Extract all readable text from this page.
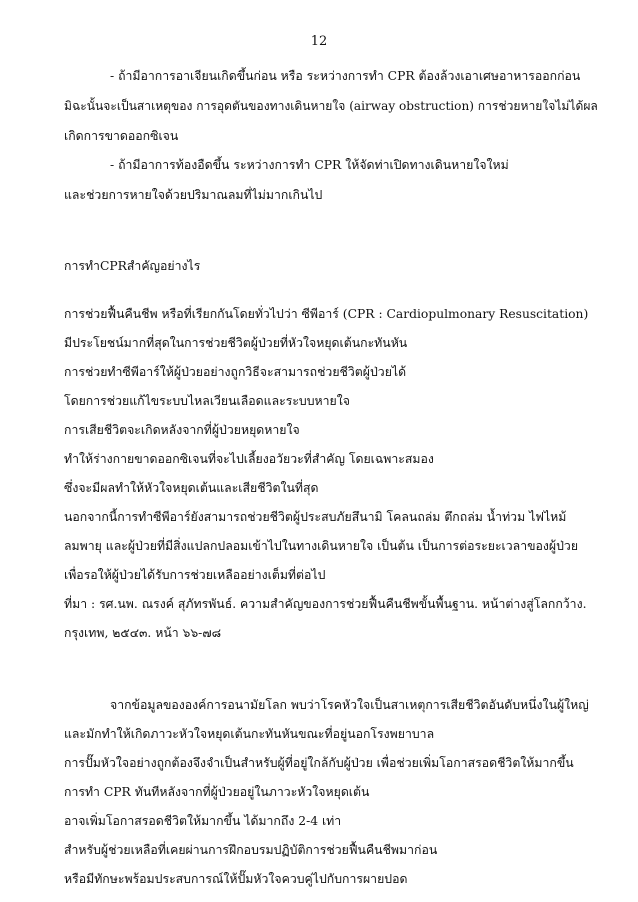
12
- ถ้ามีอาการอาเจียนเกิดขึ้นก่อน หรือ ระหว่างการทำ CPR ต้องล้วงเอาเศษอาหารออกก่อน
มิฉะนั้นจะเป็นสาเหตุของ การอุดตันของทางเดินหายใจ (airway obstruction) การช่วยหายใจไม่ได้ผล
เกิดการขาดออกซิเจน
- ถ้ามีอาการท้องอืดขึ้น ระหว่างการทำ CPR ให้จัดท่าเปิดทางเดินหายใจใหม่
และช่วยการหายใจด้วยปริมาณลมที่ไม่มากเกินไป
การทำCPRสำคัญอย่างไร
การช่วยฟื้นคืนชีพ หรือที่เรียกกันโดยทั่วไปว่า ซีพีอาร์ (CPR : Cardiopulmonary Resuscitation)
มีประโยชน์มากที่สุดในการช่วยชีวิตผู้ป่วยที่หัวใจหยุดเต้นกะทันหัน
การช่วยทำซีพีอาร์ให้ผู้ป่วยอย่างถูกวิธีจะสามารถช่วยชีวิตผู้ป่วยได้
โดยการช่วยแก้ไขระบบไหลเวียนเลือดและระบบหายใจ
การเสียชีวิตจะเกิดหลังจากที่ผู้ป่วยหยุดหายใจ
ทำให้ร่างกายขาดออกซิเจนที่จะไปเลี้ยงอวัยวะที่สำคัญ โดยเฉพาะสมอง
ซึ่งจะมีผลทำให้หัวใจหยุดเต้นและเสียชีวิตในที่สุด
นอกจากนี้การทำซีพีอาร์ยังสามารถช่วยชีวิตผู้ประสบภัยสึนามิ โคลนถล่ม ตึกถล่ม น้ำท่วม ไฟไหม้
ลมพายุ และผู้ป่วยที่มีสิ่งแปลกปลอมเข้าไปในทางเดินหายใจ เป็นต้น เป็นการต่อระยะเวลาของผู้ป่วย
เพื่อรอให้ผู้ป่วยได้รับการช่วยเหลืออย่างเต็มที่ต่อไป
ที่มา : รศ.นพ. ณรงค์ สุภัทรพันธ์. ความสำคัญของการช่วยฟื้นคืนชีพขั้นพื้นฐาน. หน้าต่างสู่โลกกว้าง.
กรุงเทพ, ๒๕๔๓. หน้า ๖๖-๗๘
จากข้อมูลขององค์การอนามัยโลก พบว่าโรคหัวใจเป็นสาเหตุการเสียชีวิตอันดับหนึ่งในผู้ใหญ่
และมักทำให้เกิดภาวะหัวใจหยุดเต้นกะทันหันขณะที่อยู่นอกโรงพยาบาล
การปั๊มหัวใจอย่างถูกต้องจึงจำเป็นสำหรับผู้ที่อยู่ใกล้กับผู้ป่วย เพื่อช่วยเพิ่มโอกาสรอดชีวิตให้มากขึ้น
การทำ CPR ทันทีหลังจากที่ผู้ป่วยอยู่ในภาวะหัวใจหยุดเต้น
อาจเพิ่มโอกาสรอดชีวิตให้มากขึ้น ได้มากถึง 2-4 เท่า
สำหรับผู้ช่วยเหลือที่เคยผ่านการฝึกอบรมปฏิบัติการช่วยฟื้นคืนชีพมาก่อน
หรือมีทักษะพร้อมประสบการณ์ให้ปั๊มหัวใจควบคู่ไปกับการผายปอด
